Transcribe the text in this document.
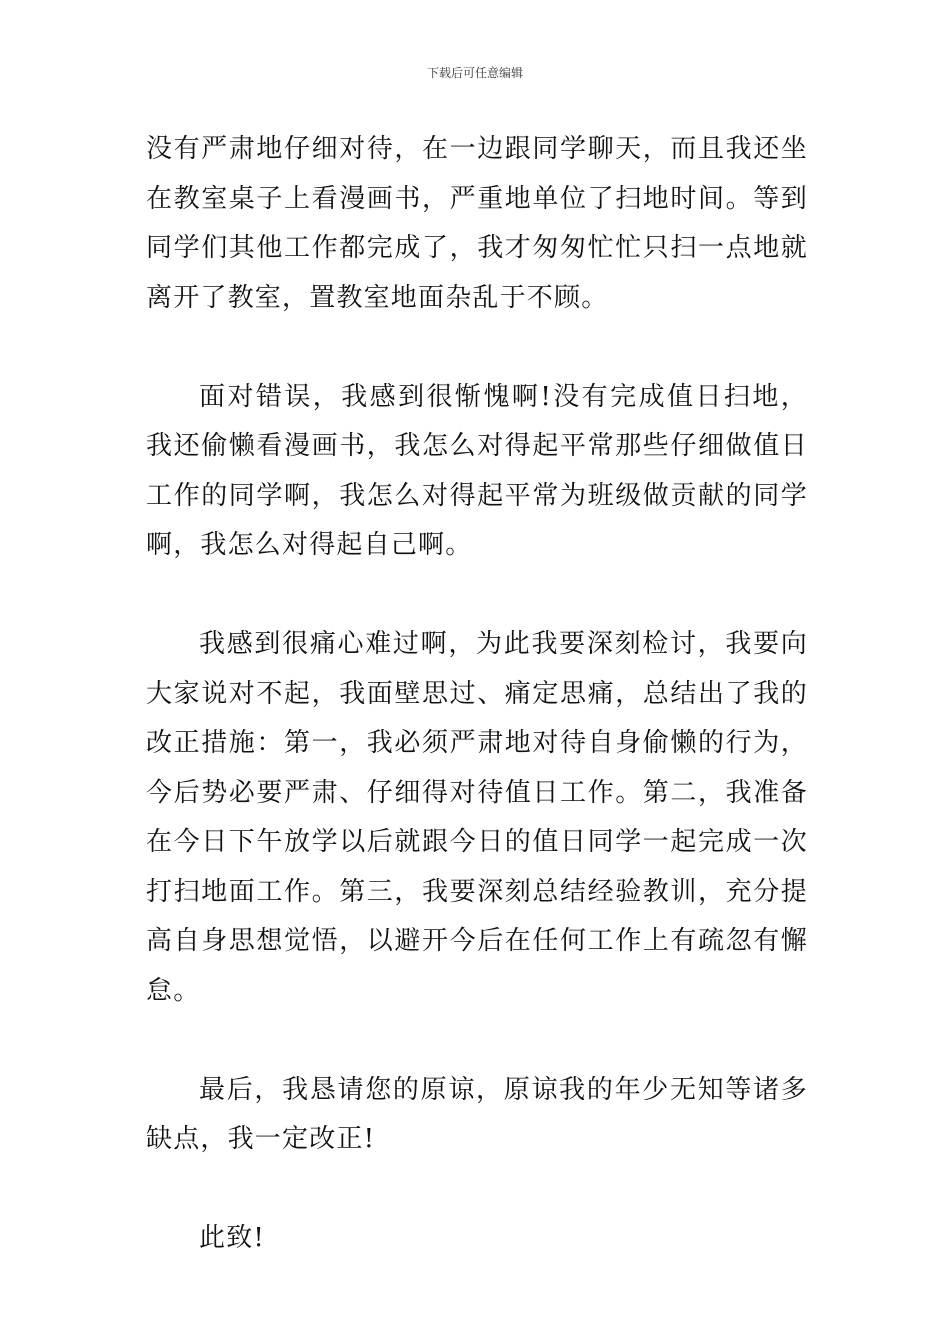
下载后可任意编辑

没有严肃地仔细对待，在一边跟同学聊天，而且我还坐在教室桌子上看漫画书，严重地单位了扫地时间。等到同学们其他工作都完成了，我才匆匆忙忙只扫一点地就离开了教室，置教室地面杂乱于不顾。

面对错误，我感到很惭愧啊!没有完成值日扫地，我还偷懒看漫画书，我怎么对得起平常那些仔细做值日工作的同学啊，我怎么对得起平常为班级做贡献的同学啊，我怎么对得起自己啊。

我感到很痛心难过啊，为此我要深刻检讨，我要向大家说对不起，我面壁思过、痛定思痛，总结出了我的改正措施：第一，我必须严肃地对待自身偷懒的行为，今后势必要严肃、仔细得对待值日工作。第二，我准备在今日下午放学以后就跟今日的值日同学一起完成一次打扫地面工作。第三，我要深刻总结经验教训，充分提高自身思想觉悟，以避开今后在任何工作上有疏忽有懈怠。

最后，我恳请您的原谅，原谅我的年少无知等诸多缺点，我一定改正!

此致!
